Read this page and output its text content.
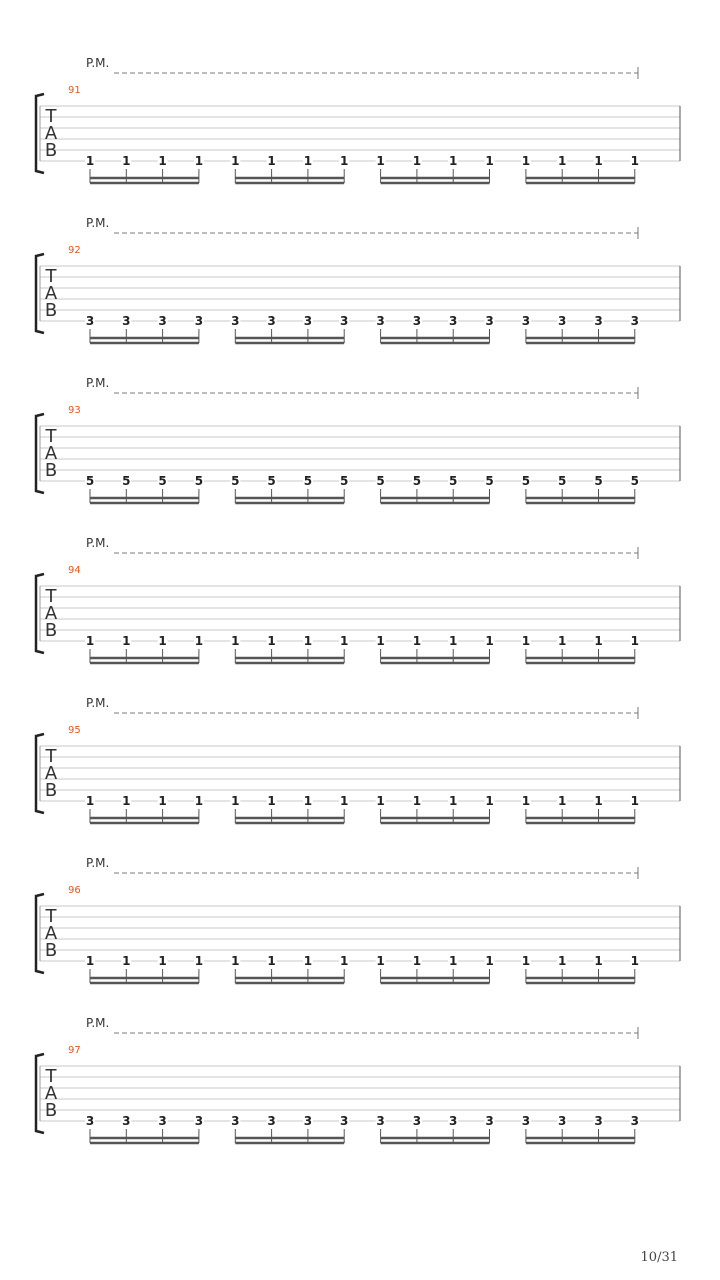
P.M.
91
T
A
B 1 1 1 1 1 1 1 1 1 1 1 1 1 1 1 1
P.M.
92
T
A
B 3 3 3 3 3 3 3 3 3 3 3 3 3 3 3 3
P.M.
93
T
A
B 5 5 5 5 5 5 5 5 5 5 5 5 5 5 5 5
P.M.
94
T
A
B 1 1 1 1 1 1 1 1 1 1 1 1 1 1 1 1
P.M.
95
T
A
B 1 1 1 1 1 1 1 1 1 1 1 1 1 1 1 1
P.M.
96
T
A
B 1 1 1 1 1 1 1 1 1 1 1 1 1 1 1 1
P.M.
97
T
A
B 3 3 3 3 3 3 3 3 3 3 3 3 3 3 3 3
10/31
